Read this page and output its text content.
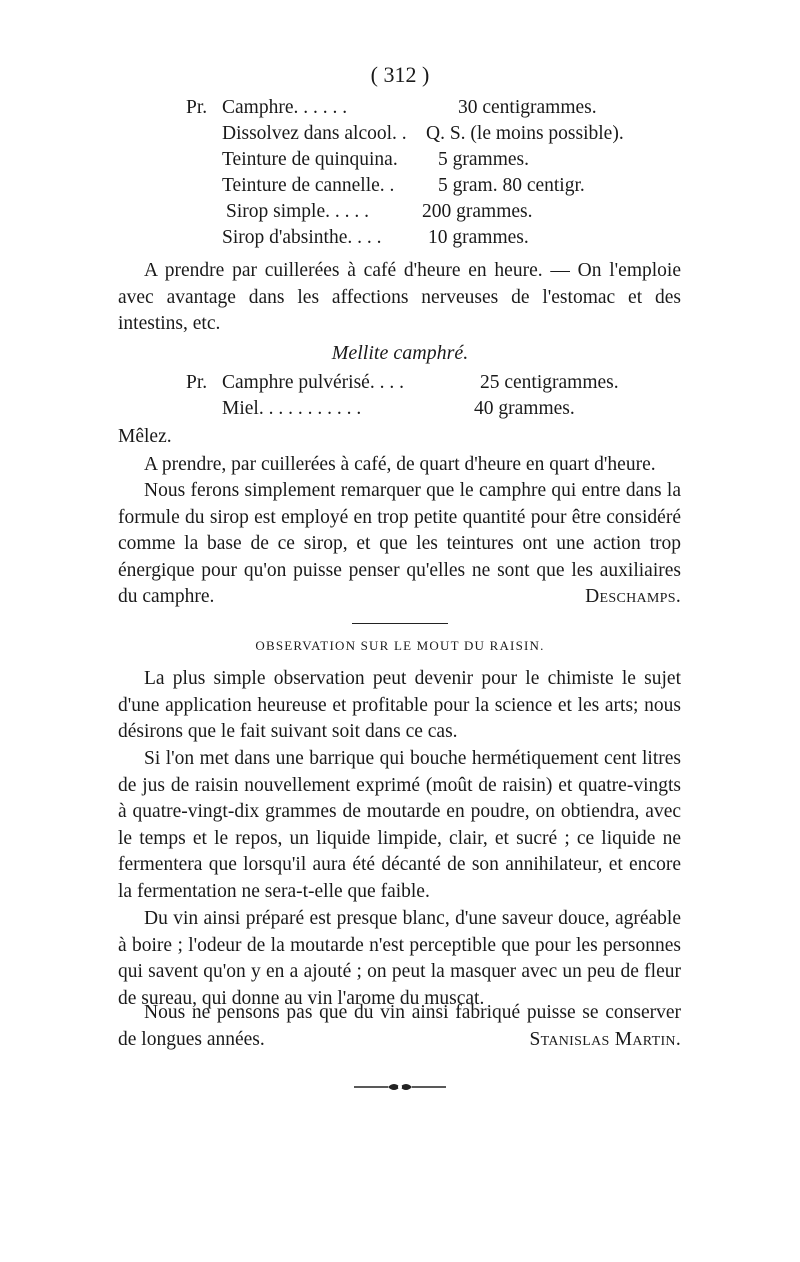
( 312 )
Pr. Camphre. . . . . .	30 centigrammes.
Dissolvez dans alcool. . Q. S. (le moins possible).
Teinture de quinquina. 5 grammes.
Teinture de cannelle. . 5 gram. 80 centigr.
Sirop simple. . . . .	200 grammes.
Sirop d'absinthe. . . . 10 grammes.

A prendre par cuillerées à café d'heure en heure. — On l'emploie avec avantage dans les affections nerveuses de l'estomac et des intestins, etc.

Mellite camphré.
Pr. Camphre pulvérisé. . . .	25 centigrammes.
Miel. . . . . . . . . . .	40 grammes.
Mêlez.

A prendre, par cuillerées à café, de quart d'heure en quart d'heure.

Nous ferons simplement remarquer que le camphre qui entre dans la formule du sirop est employé en trop petite quantité pour être considéré comme la base de ce sirop, et que les teintures ont une action trop énergique pour qu'on puisse penser qu'elles ne sont que les auxiliaires du camphre.	Deschamps.

OBSERVATION SUR LE MOUT DU RAISIN.

La plus simple observation peut devenir pour le chimiste le sujet d'une application heureuse et profitable pour la science et les arts; nous désirons que le fait suivant soit dans ce cas.

Si l'on met dans une barrique qui bouche hermétiquement cent litres de jus de raisin nouvellement exprimé (moût de raisin) et quatre-vingts à quatre-vingt-dix grammes de moutarde en poudre, on obtiendra, avec le temps et le repos, un liquide limpide, clair, et sucré ; ce liquide ne fermentera que lorsqu'il aura été décanté de son annihilateur, et encore la fermentation ne sera-t-elle que faible.

Du vin ainsi préparé est presque blanc, d'une saveur douce, agréable à boire ; l'odeur de la moutarde n'est perceptible que pour les personnes qui savent qu'on y en a ajouté ; on peut la masquer avec un peu de fleur de sureau, qui donne au vin l'arome du muscat.

Nous ne pensons pas que du vin ainsi fabriqué puisse se conserver de longues années.	Stanislas Martin.
